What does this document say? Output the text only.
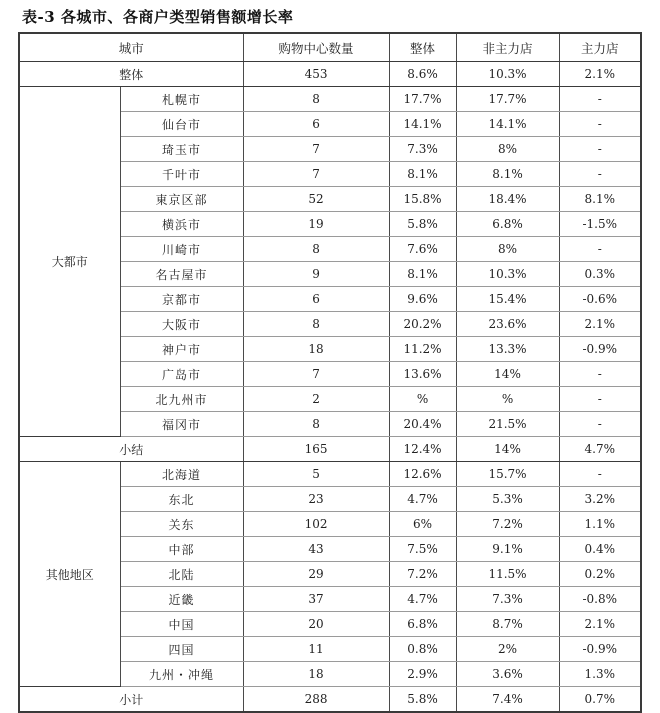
表-3 各城市、各商户类型销售额增长率
城市		购物中心数量	整体	非主力店	主力店
整体		453	8.6%	10.3%	2.1%
大都市	札幌市	8	17.7%	17.7%	-
	仙台市	6	14.1%	14.1%	-
	琦玉市	7	7.3%	8%	-
	千叶市	7	8.1%	8.1%	-
	東京区部	52	15.8%	18.4%	8.1%
	横浜市	19	5.8%	6.8%	-1.5%
	川崎市	8	7.6%	8%	-
	名古屋市	9	8.1%	10.3%	0.3%
	京都市	6	9.6%	15.4%	-0.6%
	大阪市	8	20.2%	23.6%	2.1%
	神户市	18	11.2%	13.3%	-0.9%
	广岛市	7	13.6%	14%	-
	北九州市	2	%	%	-
	福冈市	8	20.4%	21.5%	-
小结		165	12.4%	14%	4.7%
其他地区	北海道	5	12.6%	15.7%	-
	东北	23	4.7%	5.3%	3.2%
	关东	102	6%	7.2%	1.1%
	中部	43	7.5%	9.1%	0.4%
	北陆	29	7.2%	11.5%	0.2%
	近畿	37	4.7%	7.3%	-0.8%
	中国	20	6.8%	8.7%	2.1%
	四国	11	0.8%	2%	-0.9%
	九州・冲绳	18	2.9%	3.6%	1.3%
小计		288	5.8%	7.4%	0.7%
